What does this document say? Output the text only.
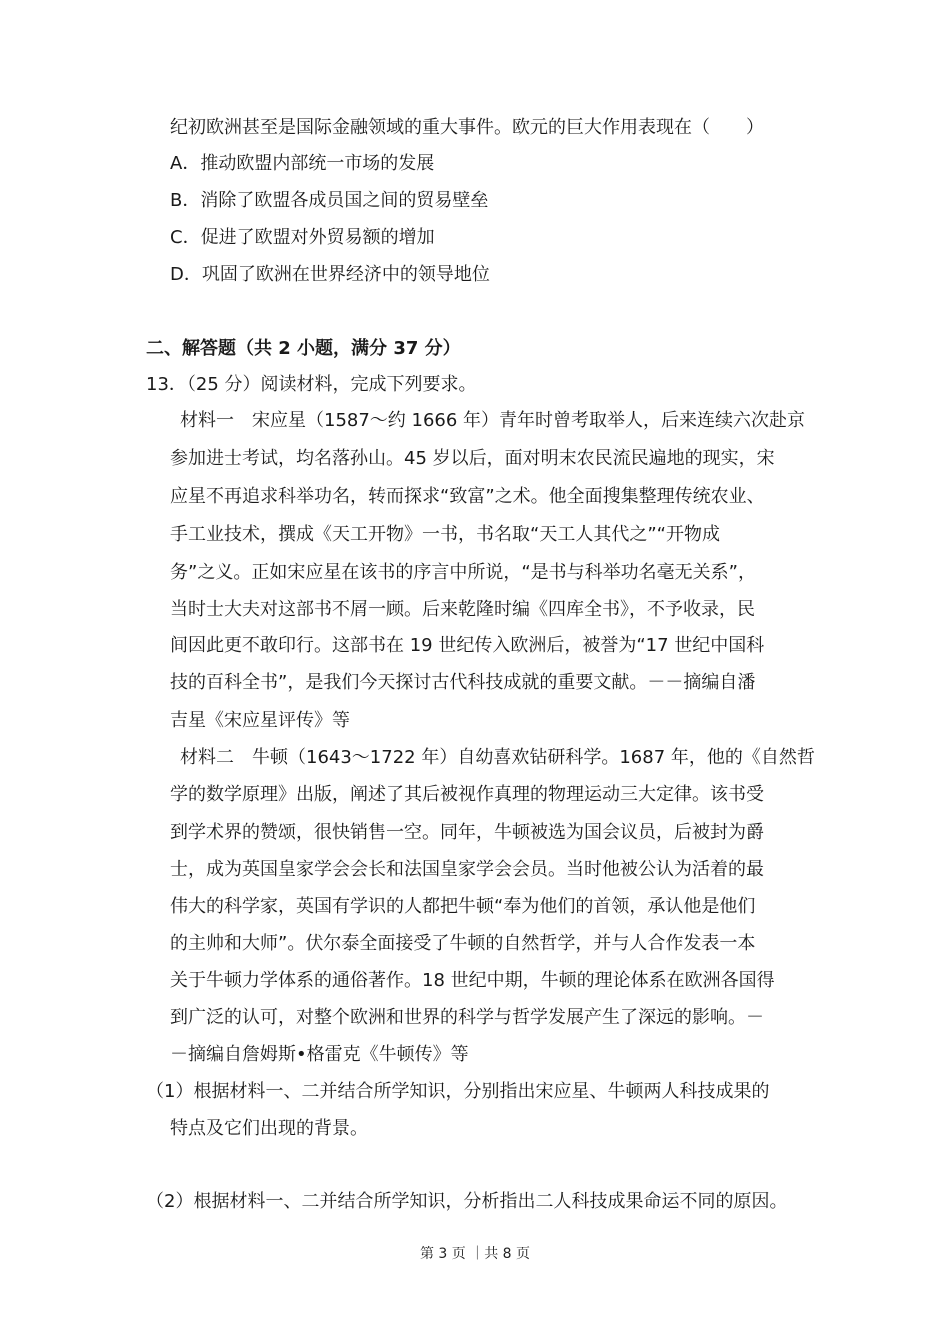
纪初欧洲甚至是国际金融领域的重大事件。欧元的巨大作用表现在（　　）
A．推动欧盟内部统一市场的发展
B．消除了欧盟各成员国之间的贸易壁垒
C．促进了欧盟对外贸易额的增加
D．巩固了欧洲在世界经济中的领导地位
二、解答题（共 2 小题，满分 37 分）
13．（25 分）阅读材料，完成下列要求。
材料一　宋应星（1587～约 1666 年）青年时曾考取举人，后来连续六次赴京
参加进士考试，均名落孙山。45 岁以后，面对明末农民流民遍地的现实，宋
应星不再追求科举功名，转而探求“致富”之术。他全面搜集整理传统农业、
手工业技术，撰成《天工开物》一书，书名取“天工人其代之”“开物成
务”之义。正如宋应星在该书的序言中所说，“是书与科举功名毫无关系”，
当时士大夫对这部书不屑一顾。后来乾隆时编《四库全书》，不予收录，民
间因此更不敢印行。这部书在 19 世纪传入欧洲后，被誉为“17 世纪中国科
技的百科全书”，是我们今天探讨古代科技成就的重要文献。－－摘编自潘
吉星《宋应星评传》等
材料二　牛顿（1643～1722 年）自幼喜欢钻研科学。1687 年，他的《自然哲
学的数学原理》出版，阐述了其后被视作真理的物理运动三大定律。该书受
到学术界的赞颂，很快销售一空。同年，牛顿被选为国会议员，后被封为爵
士，成为英国皇家学会会长和法国皇家学会会员。当时他被公认为活着的最
伟大的科学家，英国有学识的人都把牛顿“奉为他们的首领，承认他是他们
的主帅和大师”。伏尔泰全面接受了牛顿的自然哲学，并与人合作发表一本
关于牛顿力学体系的通俗著作。18 世纪中期，牛顿的理论体系在欧洲各国得
到广泛的认可，对整个欧洲和世界的科学与哲学发展产生了深远的影响。－
－摘编自詹姆斯•格雷克《牛顿传》等
（1）根据材料一、二并结合所学知识，分别指出宋应星、牛顿两人科技成果的
特点及它们出现的背景。
（2）根据材料一、二并结合所学知识，分析指出二人科技成果命运不同的原因。
第 3 页 ｜共 8 页
